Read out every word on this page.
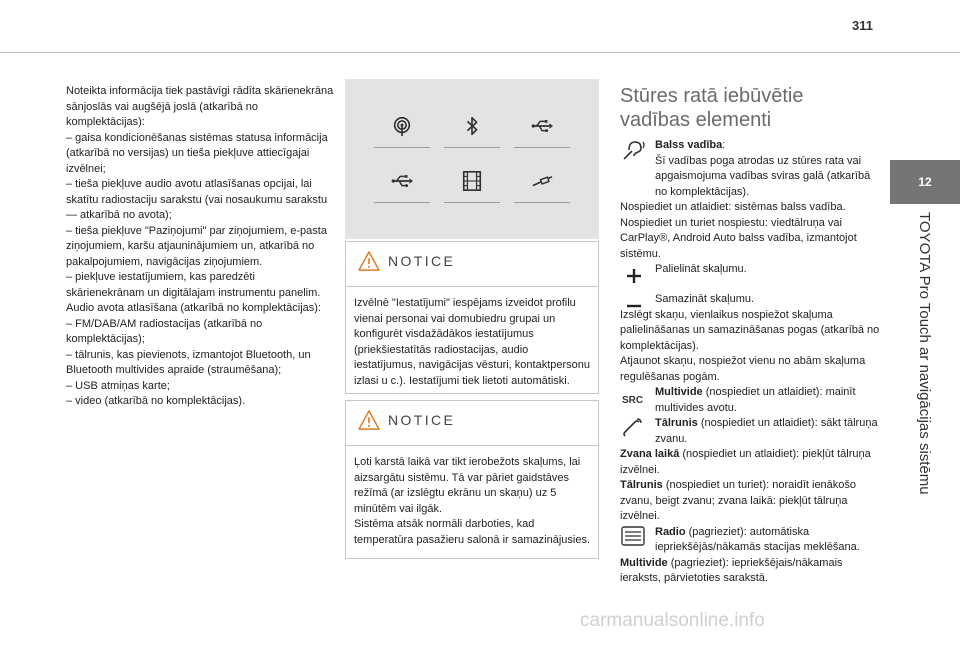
311
12
TOYOTA Pro Touch ar navigācijas sistēmu

Noteikta informācija tiek pastāvīgi rādīta skārienekrāna sānjoslās vai augšējā joslā (atkarībā no komplektācijas):

– gaisa kondicionēšanas sistēmas statusa informācija (atkarībā no versijas) un tieša piekļuve attiecīgajai izvēlnei;

– tieša piekļuve audio avotu atlasīšanas opcijai, lai skatītu radiostaciju sarakstu (vai nosaukumu sarakstu — atkarībā no avota);

– tieša piekļuve "Paziņojumi" par ziņojumiem, e-pasta ziņojumiem, karšu atjauninājumiem un, atkarībā no pakalpojumiem, navigācijas ziņojumiem.

– piekļuve iestatījumiem, kas paredzēti skārienekrānam un digitālajam instrumentu panelim.

Audio avota atlasīšana (atkarībā no komplektācijas):

– FM/DAB/AM radiostacijas (atkarībā no komplektācijas);

– tālrunis, kas pievienots, izmantojot Bluetooth, un Bluetooth multivides apraide (straumēšana);

– USB atmiņas karte;

– video (atkarībā no komplektācijas).

NOTICE

Izvēlnē "Iestatījumi" iespējams izveidot profilu vienai personai vai domubiedru grupai un konfigurēt visdažādākos iestatījumus (priekšiestatītās radiostacijas, audio iestatījumus, navigācijas vēsturi, kontaktpersonu izlasi u c.). Iestatījumi tiek lietoti automātiski.

NOTICE

Ļoti karstā laikā var tikt ierobežots skaļums, lai aizsargātu sistēmu. Tā var pāriet gaidstāves režīmā (ar izslēgtu ekrānu un skaņu) uz 5 minūtēm vai ilgāk.

Sistēma atsāk normāli darboties, kad temperatūra pasažieru salonā ir samazinājusies.

Stūres ratā iebūvētie vadības elementi

Balss vadība:

Šī vadības poga atrodas uz stūres rata vai apgaismojuma vadības sviras galā (atkarībā no komplektācijas).

Nospiediet un atlaidiet: sistēmas balss vadība.

Nospiediet un turiet nospiestu: viedtālruņa vai CarPlay®, Android Auto balss vadība, izmantojot sistēmu.

Palielināt skaļumu.

Samazināt skaļumu.

Izslēgt skaņu, vienlaikus nospiežot skaļuma palielināšanas un samazināšanas pogas (atkarībā no komplektācijas).

Atjaunot skaņu, nospiežot vienu no abām skaļuma regulēšanas pogām.

SRC

Multivide (nospiediet un atlaidiet): mainīt multivides avotu.

Tālrunis (nospiediet un atlaidiet): sākt tālruņa zvanu.

Zvana laikā (nospiediet un atlaidiet): piekļūt tālruņa izvēlnei.

Tālrunis (nospiediet un turiet): noraidīt ienākošo zvanu, beigt zvanu; zvana laikā: piekļūt tālruņa izvēlnei.

Radio (pagrieziet): automātiska iepriekšējās/nākamās stacijas meklēšana.

Multivide (pagrieziet): iepriekšējais/nākamais ieraksts, pārvietoties sarakstā.

carmanualsonline.info
